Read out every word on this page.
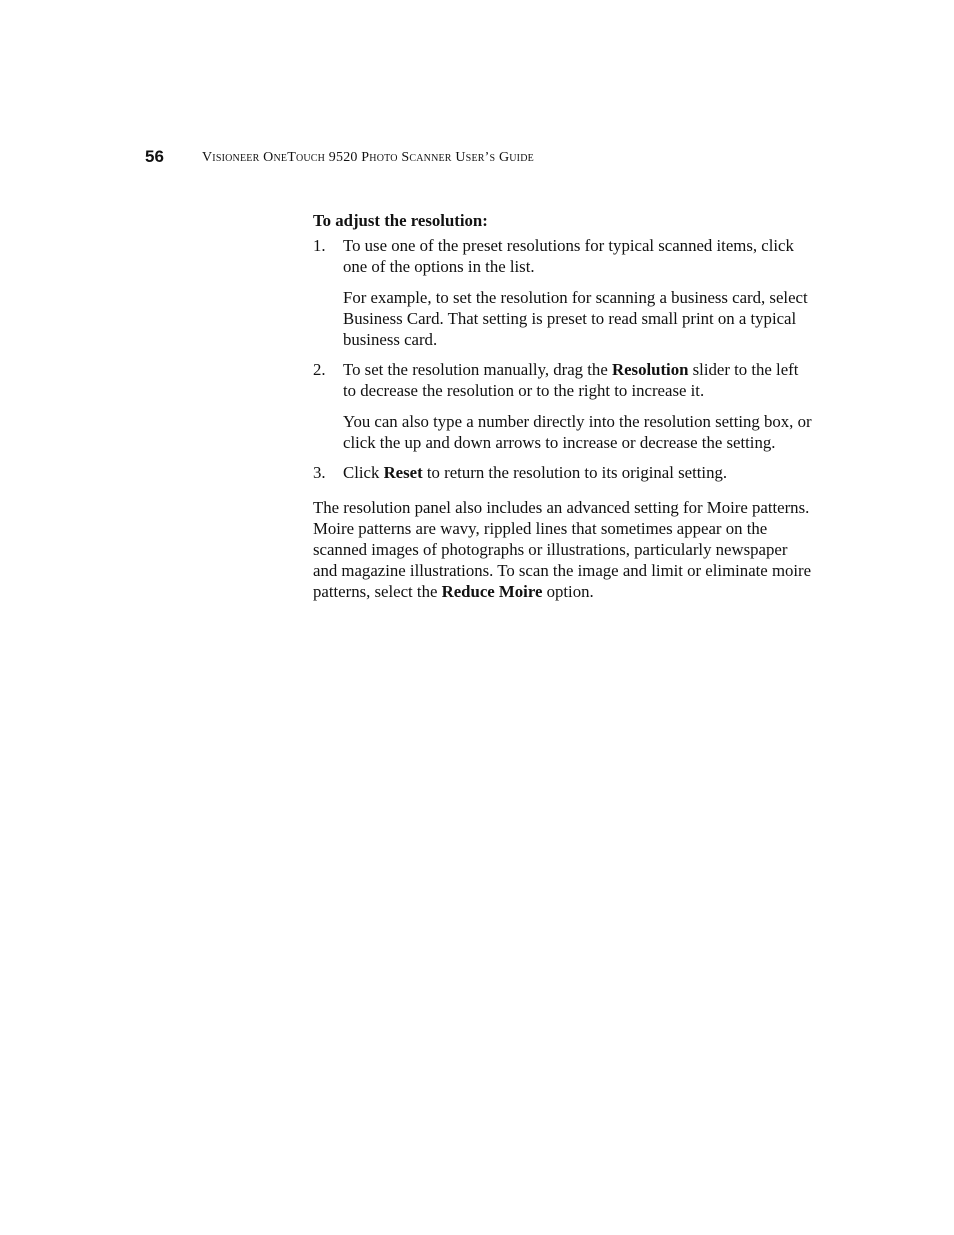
56	Visioneer OneTouch 9520 Photo Scanner User’s Guide

To adjust the resolution:

1. To use one of the preset resolutions for typical scanned items, click one of the options in the list.

For example, to set the resolution for scanning a business card, select Business Card. That setting is preset to read small print on a typical business card.

2. To set the resolution manually, drag the Resolution slider to the left to decrease the resolution or to the right to increase it.

You can also type a number directly into the resolution setting box, or click the up and down arrows to increase or decrease the setting.

3. Click Reset to return the resolution to its original setting.

The resolution panel also includes an advanced setting for Moire patterns. Moire patterns are wavy, rippled lines that sometimes appear on the scanned images of photographs or illustrations, particularly newspaper and magazine illustrations. To scan the image and limit or eliminate moire patterns, select the Reduce Moire option.
